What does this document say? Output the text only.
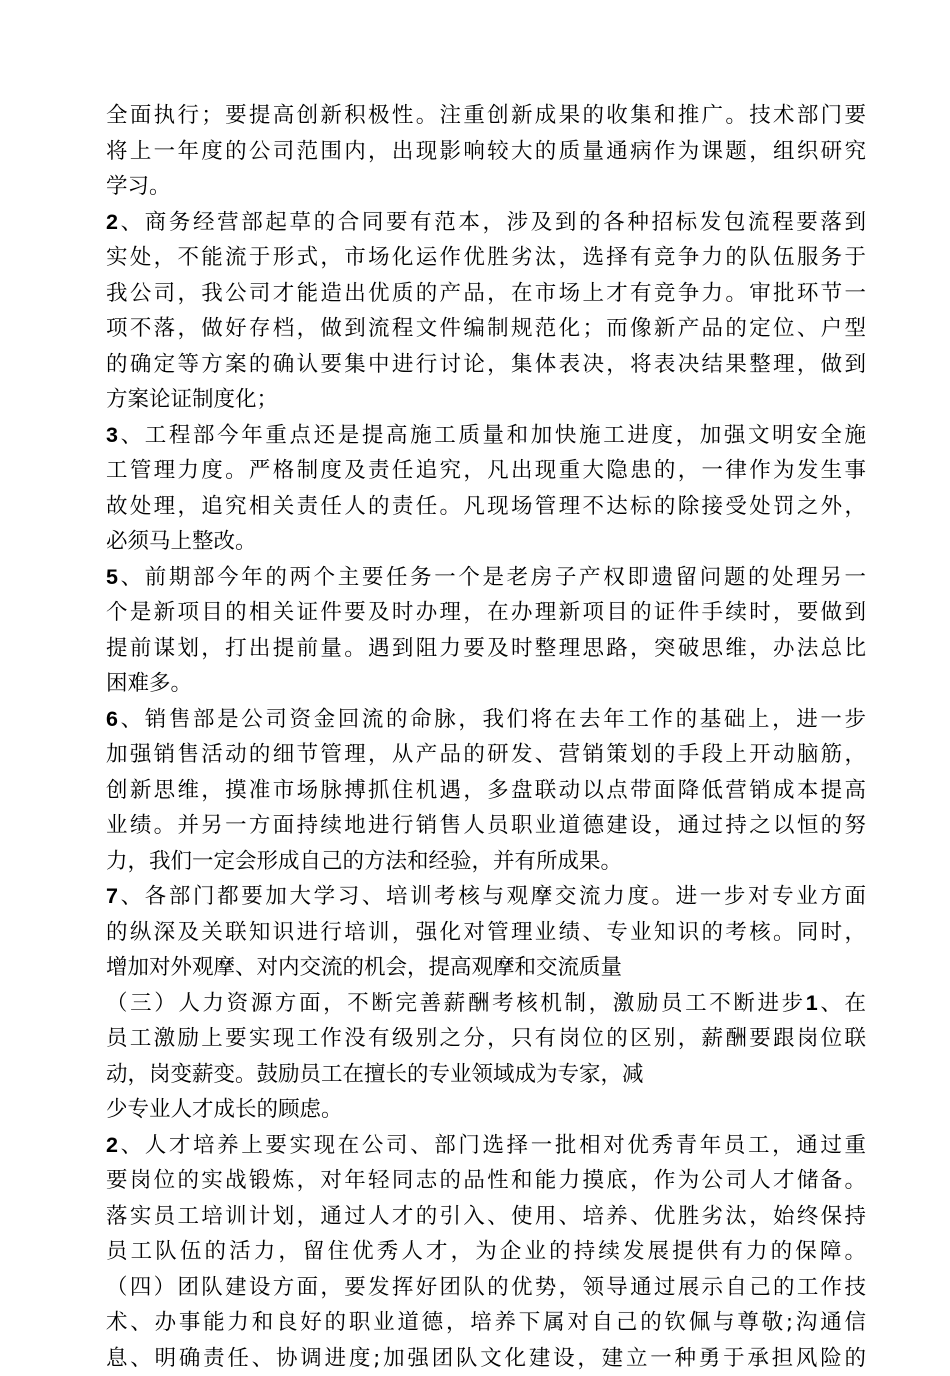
全面执行；要提高创新积极性。注重创新成果的收集和推广。技术部门要
将上一年度的公司范围内，出现影响较大的质量通病作为课题，组织研究
学习。
2、商务经营部起草的合同要有范本，涉及到的各种招标发包流程要落到
实处，不能流于形式，市场化运作优胜劣汰，选择有竞争力的队伍服务于
我公司，我公司才能造出优质的产品，在市场上才有竞争力。审批环节一
项不落，做好存档，做到流程文件编制规范化；而像新产品的定位、户型
的确定等方案的确认要集中进行讨论，集体表决，将表决结果整理，做到
方案论证制度化；
3、工程部今年重点还是提高施工质量和加快施工进度，加强文明安全施
工管理力度。严格制度及责任追究，凡出现重大隐患的，一律作为发生事
故处理，追究相关责任人的责任。凡现场管理不达标的除接受处罚之外，
必须马上整改。
5、前期部今年的两个主要任务一个是老房子产权即遗留问题的处理另一
个是新项目的相关证件要及时办理，在办理新项目的证件手续时，要做到
提前谋划，打出提前量。遇到阻力要及时整理思路，突破思维，办法总比
困难多。
6、销售部是公司资金回流的命脉，我们将在去年工作的基础上，进一步
加强销售活动的细节管理，从产品的研发、营销策划的手段上开动脑筋，
创新思维，摸准市场脉搏抓住机遇，多盘联动以点带面降低营销成本提高
业绩。并另一方面持续地进行销售人员职业道德建设，通过持之以恒的努
力，我们一定会形成自己的方法和经验，并有所成果。
7、各部门都要加大学习、培训考核与观摩交流力度。进一步对专业方面
的纵深及关联知识进行培训，强化对管理业绩、专业知识的考核。同时，
增加对外观摩、对内交流的机会，提高观摩和交流质量
（三）人力资源方面，不断完善薪酬考核机制，激励员工不断进步1、在
员工激励上要实现工作没有级别之分，只有岗位的区别，薪酬要跟岗位联
动，岗变薪变。鼓励员工在擅长的专业领域成为专家，减
少专业人才成长的顾虑。
2、人才培养上要实现在公司、部门选择一批相对优秀青年员工，通过重
要岗位的实战锻炼，对年轻同志的品性和能力摸底，作为公司人才储备。
落实员工培训计划，通过人才的引入、使用、培养、优胜劣汰，始终保持
员工队伍的活力，留住优秀人才，为企业的持续发展提供有力的保障。
（四）团队建设方面，要发挥好团队的优势，领导通过展示自己的工作技
术、办事能力和良好的职业道德，培养下属对自己的钦佩与尊敬;沟通信
息、明确责任、协调进度;加强团队文化建设，建立一种勇于承担风险的
